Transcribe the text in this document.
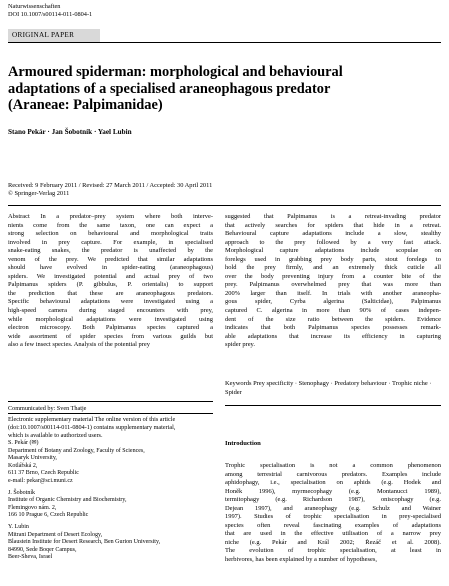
Naturwissenschaften
DOI 10.1007/s00114-011-0804-1
ORIGINAL PAPER
Armoured spiderman: morphological and behavioural
adaptations of a specialised araneophagous predator
(Araneae: Palpimanidae)
Stano Pekár · Jan Šobotník · Yael Lubin
Received: 9 February 2011 / Revised: 27 March 2011 / Accepted: 30 April 2011
© Springer-Verlag 2011
Abstract In a predator–prey system where both interve-
nients come from the same taxon, one can expect a
strong selection on behavioural and morphological traits
involved in prey capture. For example, in specialised
snake-eating snakes, the predator is unaffected by the
venom of the prey. We predicted that similar adaptations
should have evolved in spider-eating (araneophagous)
spiders. We investigated potential and actual prey of two
Palpimanus spiders (P. gibbulus, P. orientalis) to support
the prediction that these are araneophagous predators.
Specific behavioural adaptations were investigated using a
high-speed camera during staged encounters with prey,
while morphological adaptations were investigated using
electron microscopy. Both Palpimanus species captured a
wide assortment of spider species from various guilds but
also a few insect species. Analysis of the potential prey
suggested that Palpimanus is a retreat-invading predator
that actively searches for spiders that hide in a retreat.
Behavioural capture adaptations include a slow, stealthy
approach to the prey followed by a very fast attack.
Morphological capture adaptations include scopulae on
forelegs used in grabbing prey body parts, stout forelegs to
hold the prey firmly, and an extremely thick cuticle all
over the body preventing injury from a counter bite of the
prey. Palpimanus overwhelmed prey that was more than
200% larger than itself. In trials with another araneopha-
gous spider, Cyrba algerina (Salticidae), Palpimanus
captured C. algerina in more than 90% of cases indepen-
dent of the size ratio between the spiders. Evidence
indicates that both Palpimanus species possesses remark-
able adaptations that increase its efficiency in capturing
spider prey.
Keywords Prey specificity · Stenophagy · Predatory behaviour · Trophic niche · Spider
Introduction
Trophic specialisation is not a common phenomenon
among terrestrial carnivorous predators. Examples include
aphidophagy, i.e., specialisation on aphids (e.g. Hodek and
Honěk 1996), myrmecophagy (e.g. Montanucci 1989),
termitophagy (e.g. Richardson 1987), oniscophagy (e.g.
Dejean 1997), and araneophagy (e.g. Schulz and Wainer
1997). Studies of trophic specialisation in prey-specialised
species often reveal fascinating examples of adaptations
that are used in the effective utilisation of a narrow prey
niche (e.g. Pekár and Král 2002; Řezáč et al. 2008).
The evolution of trophic specialisation, at least in
herbivores, has been explained by a number of hypotheses,
Communicated by: Sven Thatje
Electronic supplementary material The online version of this article
(doi:10.1007/s00114-011-0804-1) contains supplementary material,
which is available to authorized users.
S. Pekár (✉)
Department of Botany and Zoology, Faculty of Sciences,
Masaryk University,
Kotlářská 2,
611 37 Brno, Czech Republic
e-mail: pekar@sci.muni.cz
J. Šobotník
Institute of Organic Chemistry and Biochemistry,
Flemingovo nám. 2,
166 10 Prague 6, Czech Republic
Y. Lubin
Mitrani Department of Desert Ecology,
Blaustein Institute for Desert Research, Ben Gurion University,
84990, Sede Boqer Campus,
Beer-Sheva, Israel
